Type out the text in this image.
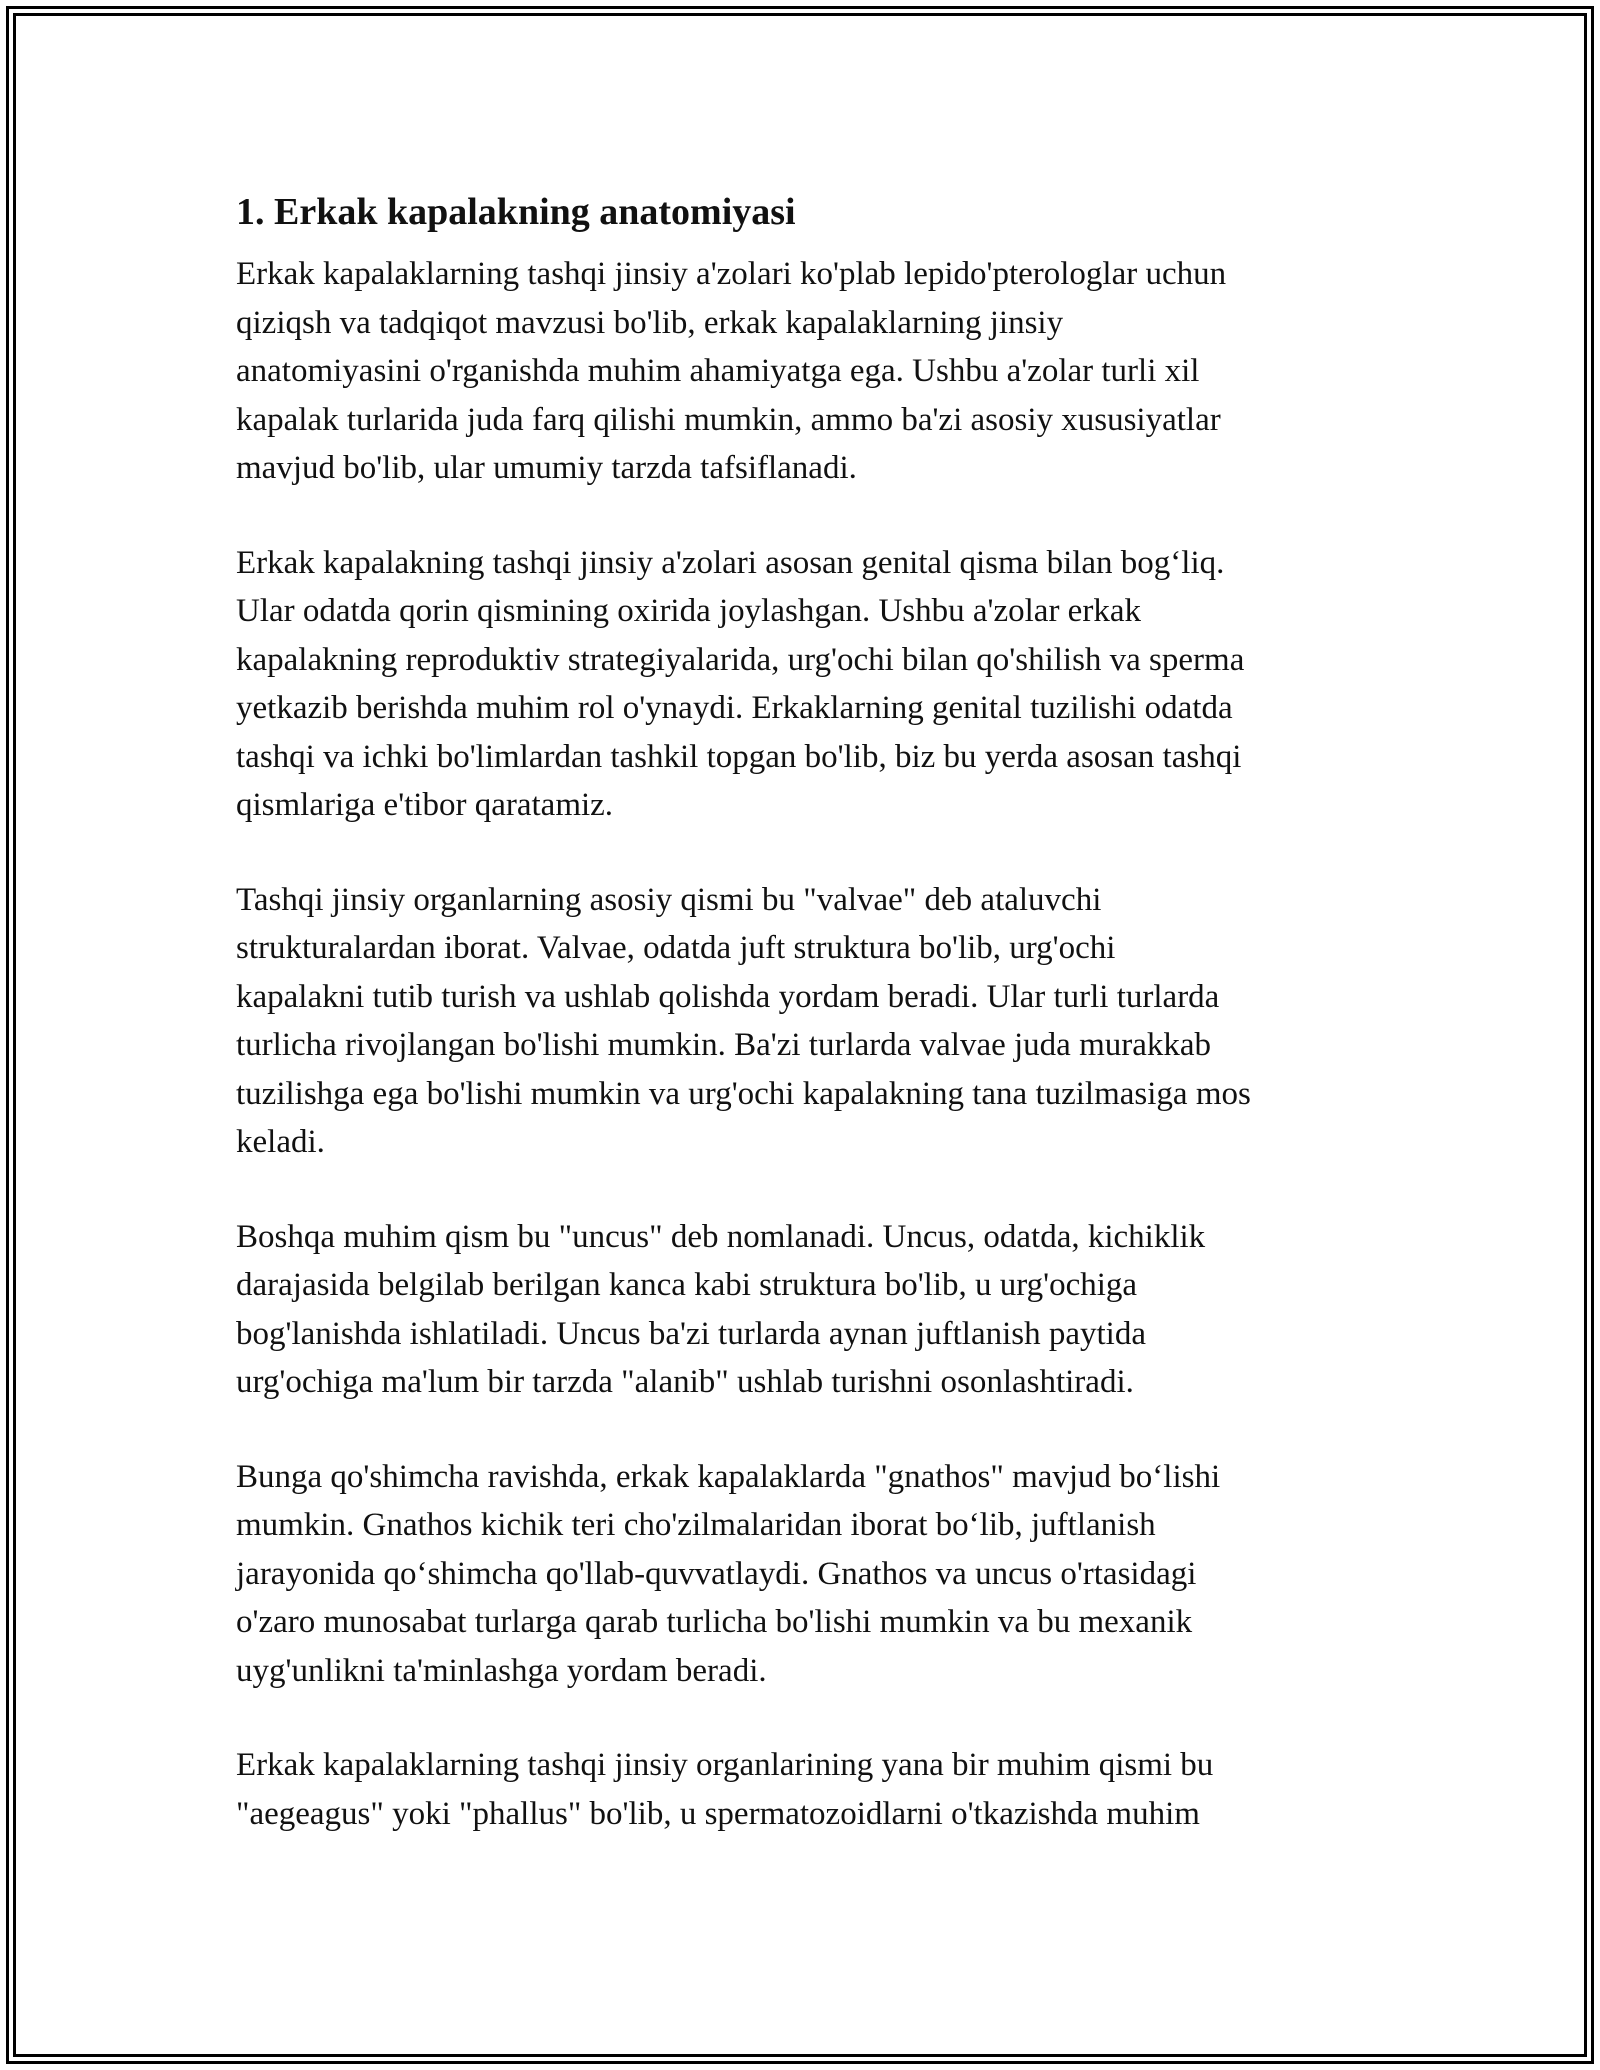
1. Erkak kapalakning anatomiyasi

Erkak kapalaklarning tashqi jinsiy a'zolari ko'plab lepido'pterologlar uchun
qiziqsh va tadqiqot mavzusi bo'lib, erkak kapalaklarning jinsiy
anatomiyasini o'rganishda muhim ahamiyatga ega. Ushbu a'zolar turli xil
kapalak turlarida juda farq qilishi mumkin, ammo ba'zi asosiy xususiyatlar
mavjud bo'lib, ular umumiy tarzda tafsiflanadi.

Erkak kapalakning tashqi jinsiy a'zolari asosan genital qisma bilan bog‘liq.
Ular odatda qorin qismining oxirida joylashgan. Ushbu a'zolar erkak
kapalakning reproduktiv strategiyalarida, urg'ochi bilan qo'shilish va sperma
yetkazib berishda muhim rol o'ynaydi. Erkaklarning genital tuzilishi odatda
tashqi va ichki bo'limlardan tashkil topgan bo'lib, biz bu yerda asosan tashqi
qismlariga e'tibor qaratamiz.

Tashqi jinsiy organlarning asosiy qismi bu "valvae" deb ataluvchi
strukturalardan iborat. Valvae, odatda juft struktura bo'lib, urg'ochi
kapalakni tutib turish va ushlab qolishda yordam beradi. Ular turli turlarda
turlicha rivojlangan bo'lishi mumkin. Ba'zi turlarda valvae juda murakkab
tuzilishga ega bo'lishi mumkin va urg'ochi kapalakning tana tuzilmasiga mos
keladi.

Boshqa muhim qism bu "uncus" deb nomlanadi. Uncus, odatda, kichiklik
darajasida belgilab berilgan kanca kabi struktura bo'lib, u urg'ochiga
bog'lanishda ishlatiladi. Uncus ba'zi turlarda aynan juftlanish paytida
urg'ochiga ma'lum bir tarzda "alanib" ushlab turishni osonlashtiradi.

Bunga qo'shimcha ravishda, erkak kapalaklarda "gnathos" mavjud bo‘lishi
mumkin. Gnathos kichik teri cho'zilmalaridan iborat bo‘lib, juftlanish
jarayonida qo‘shimcha qo'llab-quvvatlaydi. Gnathos va uncus o'rtasidagi
o'zaro munosabat turlarga qarab turlicha bo'lishi mumkin va bu mexanik
uyg'unlikni ta'minlashga yordam beradi.

Erkak kapalaklarning tashqi jinsiy organlarining yana bir muhim qismi bu
"aegeagus" yoki "phallus" bo'lib, u spermatozoidlarni o'tkazishda muhim
